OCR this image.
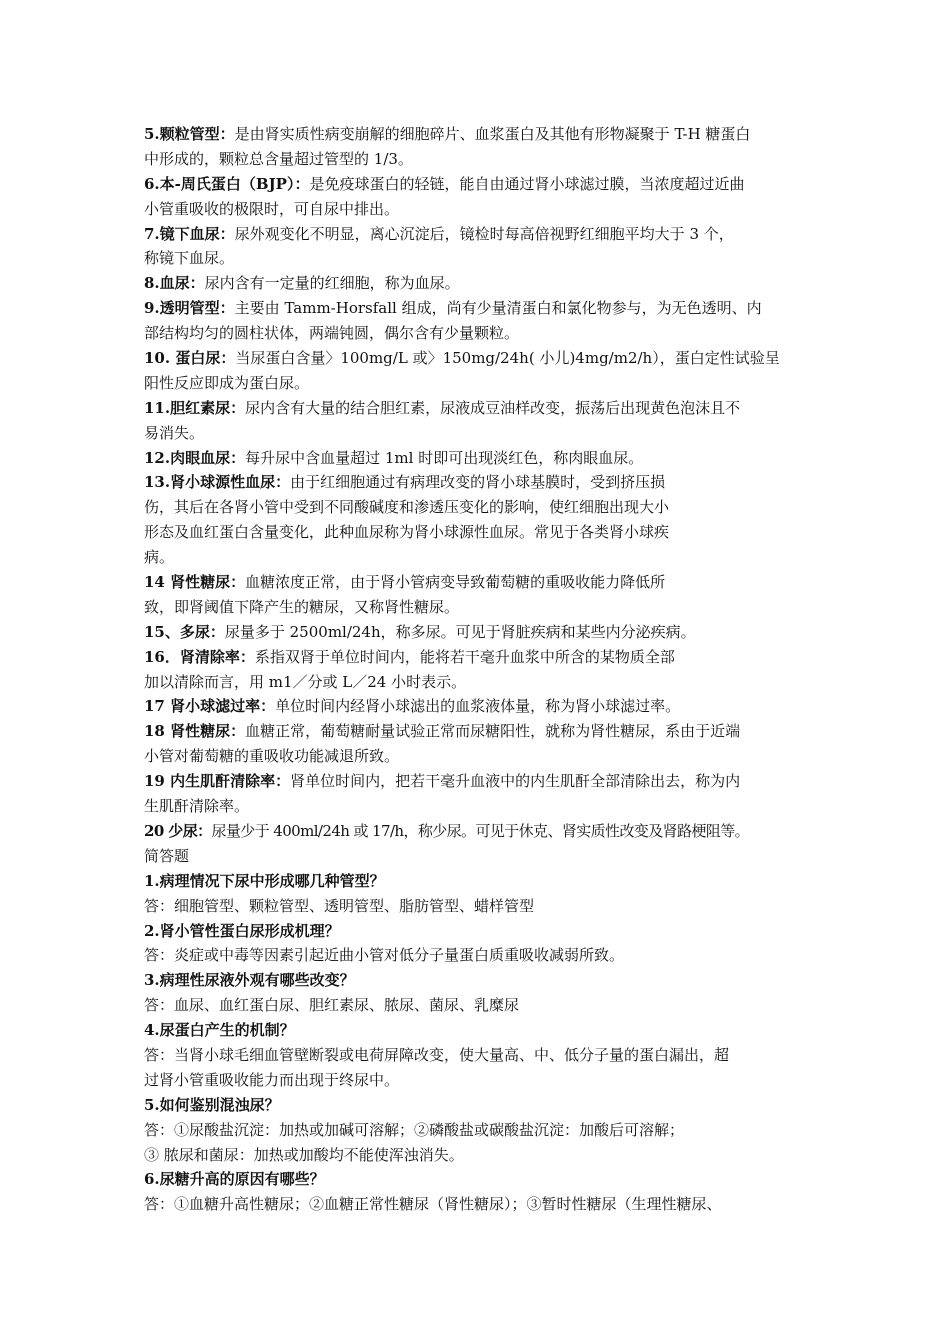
5.颗粒管型：是由肾实质性病变崩解的细胞碎片、血浆蛋白及其他有形物凝聚于 T-H 糖蛋白
中形成的，颗粒总含量超过管型的 1/3。
6.本-周氏蛋白（BJP）：是免疫球蛋白的轻链，能自由通过肾小球滤过膜，当浓度超过近曲
小管重吸收的极限时，可自尿中排出。
7.镜下血尿：尿外观变化不明显，离心沉淀后，镜检时每高倍视野红细胞平均大于 3 个，
称镜下血尿。
8.血尿：尿内含有一定量的红细胞，称为血尿。
9.透明管型：主要由 Tamm-Horsfall 组成，尚有少量清蛋白和氯化物参与，为无色透明、内
部结构均匀的圆柱状体，两端钝圆，偶尔含有少量颗粒。
10. 蛋白尿：当尿蛋白含量〉100mg/L 或〉150mg/24h( 小儿)4mg/m2/h），蛋白定性试验呈
阳性反应即成为蛋白尿。
11.胆红素尿：尿内含有大量的结合胆红素，尿液成豆油样改变，振荡后出现黄色泡沫且不
易消失。
12.肉眼血尿：每升尿中含血量超过 1ml 时即可出现淡红色，称肉眼血尿。
13.肾小球源性血尿：由于红细胞通过有病理改变的肾小球基膜时，受到挤压损
伤，其后在各肾小管中受到不同酸碱度和渗透压变化的影响，使红细胞出现大小
形态及血红蛋白含量变化，此种血尿称为肾小球源性血尿。常见于各类肾小球疾
病。
14 肾性糖尿：血糖浓度正常，由于肾小管病变导致葡萄糖的重吸收能力降低所
致，即肾阈值下降产生的糖尿，又称肾性糖尿。
15、多尿：尿量多于 2500ml/24h，称多尿。可见于肾脏疾病和某些内分泌疾病。
16．肾清除率：系指双肾于单位时间内，能将若干毫升血浆中所含的某物质全部
加以清除而言，用 m1／分或 L／24 小时表示。
17 肾小球滤过率：单位时间内经肾小球滤出的血浆液体量，称为肾小球滤过率。
18 肾性糖尿：血糖正常，葡萄糖耐量试验正常而尿糖阳性，就称为肾性糖尿，系由于近端
小管对葡萄糖的重吸收功能减退所致。
19 内生肌酐清除率：肾单位时间内，把若干毫升血液中的内生肌酐全部清除出去，称为内
生肌酐清除率。
20 少尿：尿量少于 400ml/24h 或 17/h，称少尿。可见于休克、肾实质性改变及肾路梗阻等。
简答题
1.病理情况下尿中形成哪几种管型？
答：细胞管型、颗粒管型、透明管型、脂肪管型、蜡样管型
2.肾小管性蛋白尿形成机理？
答：炎症或中毒等因素引起近曲小管对低分子量蛋白质重吸收减弱所致。
3.病理性尿液外观有哪些改变？
答：血尿、血红蛋白尿、胆红素尿、脓尿、菌尿、乳糜尿
4.尿蛋白产生的机制？
答：当肾小球毛细血管壁断裂或电荷屏障改变，使大量高、中、低分子量的蛋白漏出，超
过肾小管重吸收能力而出现于终尿中。
5.如何鉴别混浊尿？
答：①尿酸盐沉淀：加热或加碱可溶解；②磷酸盐或碳酸盐沉淀：加酸后可溶解；
③ 脓尿和菌尿：加热或加酸均不能使浑浊消失。
6.尿糖升高的原因有哪些？
答：①血糖升高性糖尿；②血糖正常性糖尿（肾性糖尿）；③暂时性糖尿（生理性糖尿、
